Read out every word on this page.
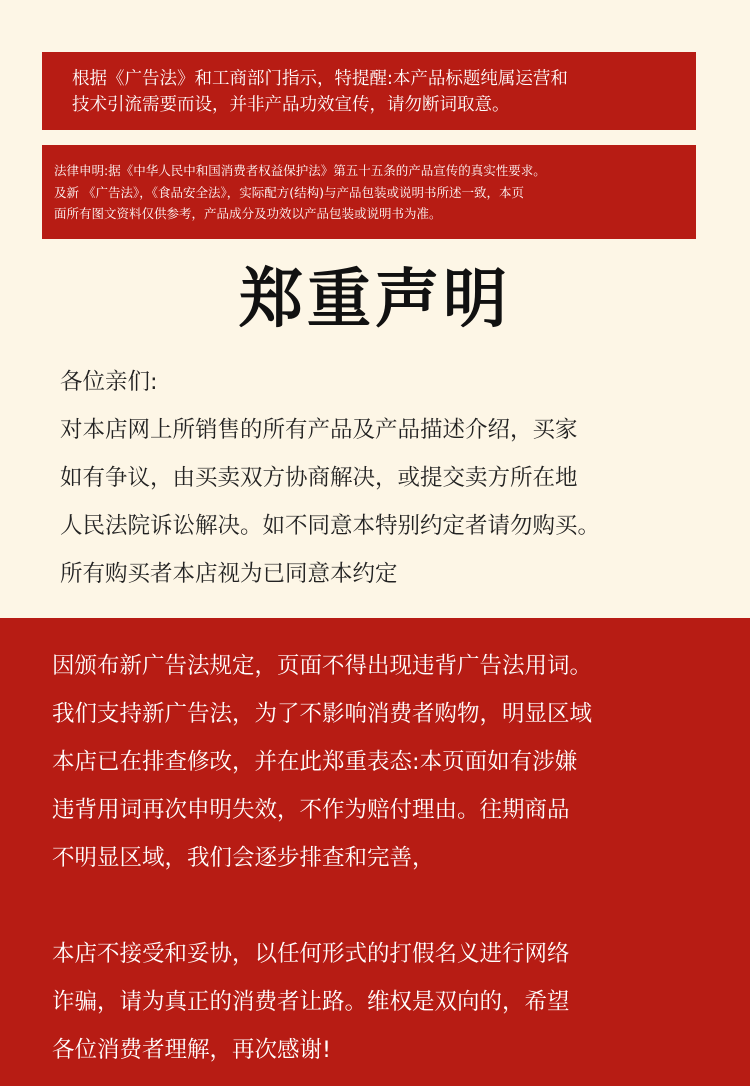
根据《广告法》和工商部门指示，特提醒:本产品标题纯属运营和
技术引流需要而设，并非产品功效宣传，请勿断词取意。
法律申明:据《中华人民中和国消费者权益保护法》第五十五条的产品宣传的真实性要求。
及新 《广告法》，《食品安全法》，实际配方(结构)与产品包装或说明书所述一致，本页
面所有图文资料仅供参考，产品成分及功效以产品包装或说明书为准。
郑重声明

各位亲们:

对本店网上所销售的所有产品及产品描述介绍，买家

如有争议，由买卖双方协商解决，或提交卖方所在地

人民法院诉讼解决。如不同意本特别约定者请勿购买。

所有购买者本店视为已同意本约定

因颁布新广告法规定，页面不得出现违背广告法用词。

我们支持新广告法，为了不影响消费者购物，明显区域

本店已在排查修改，并在此郑重表态:本页面如有涉嫌

违背用词再次申明失效，不作为赔付理由。往期商品

不明显区域，我们会逐步排查和完善，

本店不接受和妥协，以任何形式的打假名义进行网络

诈骗，请为真正的消费者让路。维权是双向的，希望

各位消费者理解，再次感谢!
